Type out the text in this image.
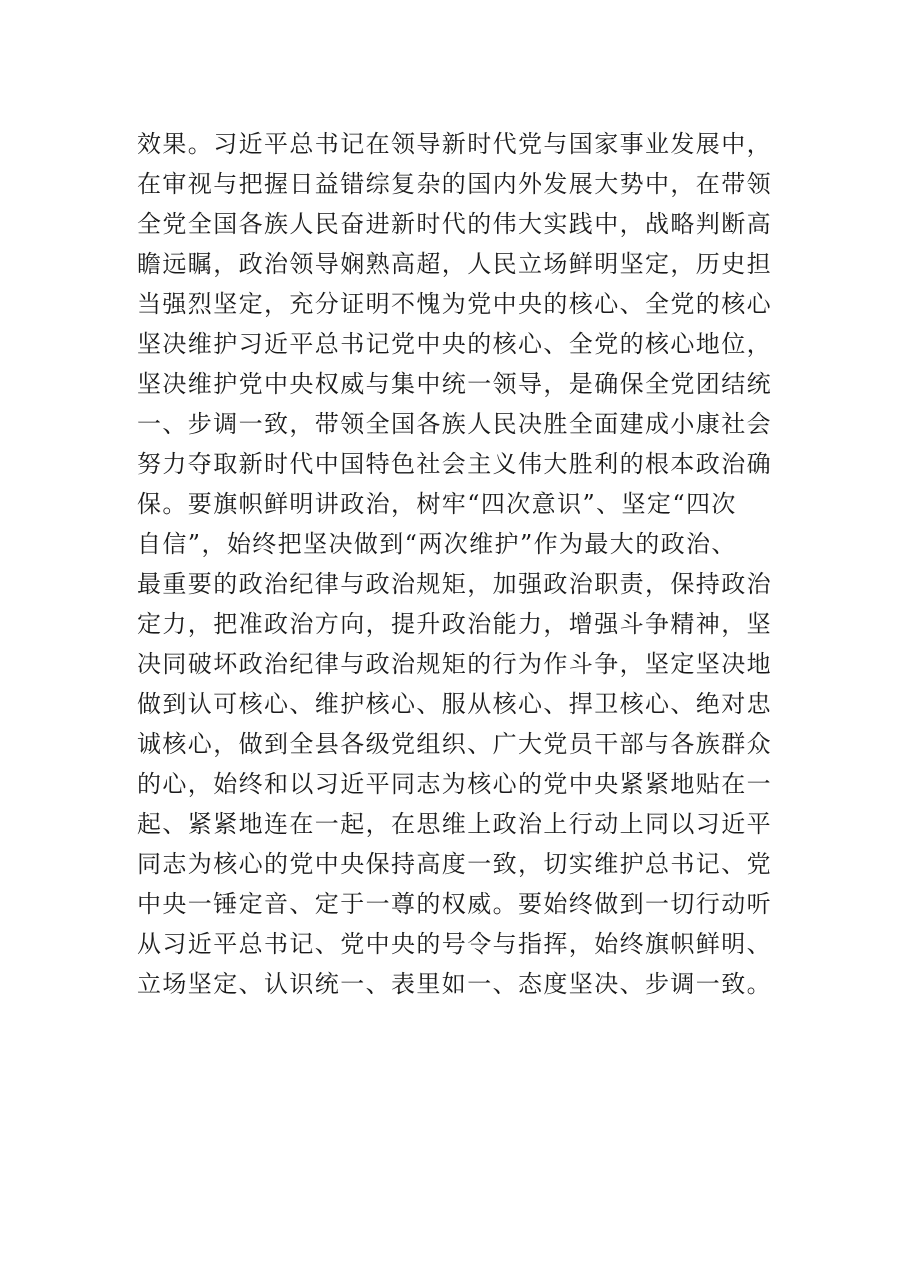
效果。习近平总书记在领导新时代党与国家事业发展中，
在审视与把握日益错综复杂的国内外发展大势中，在带领
全党全国各族人民奋进新时代的伟大实践中，战略判断高
瞻远瞩，政治领导娴熟高超，人民立场鲜明坚定，历史担
当强烈坚定，充分证明不愧为党中央的核心、全党的核心
坚决维护习近平总书记党中央的核心、全党的核心地位，
坚决维护党中央权威与集中统一领导，是确保全党团结统
一、步调一致，带领全国各族人民决胜全面建成小康社会
努力夺取新时代中国特色社会主义伟大胜利的根本政治确
保。要旗帜鲜明讲政治，树牢“四次意识”、坚定“四次
自信”，始终把坚决做到“两次维护”作为最大的政治、
最重要的政治纪律与政治规矩，加强政治职责，保持政治
定力，把准政治方向，提升政治能力，增强斗争精神，坚
决同破坏政治纪律与政治规矩的行为作斗争，坚定坚决地
做到认可核心、维护核心、服从核心、捍卫核心、绝对忠
诚核心，做到全县各级党组织、广大党员干部与各族群众
的心，始终和以习近平同志为核心的党中央紧紧地贴在一
起、紧紧地连在一起，在思维上政治上行动上同以习近平
同志为核心的党中央保持高度一致，切实维护总书记、党
中央一锤定音、定于一尊的权威。要始终做到一切行动听
从习近平总书记、党中央的号令与指挥，始终旗帜鲜明、
立场坚定、认识统一、表里如一、态度坚决、步调一致。
